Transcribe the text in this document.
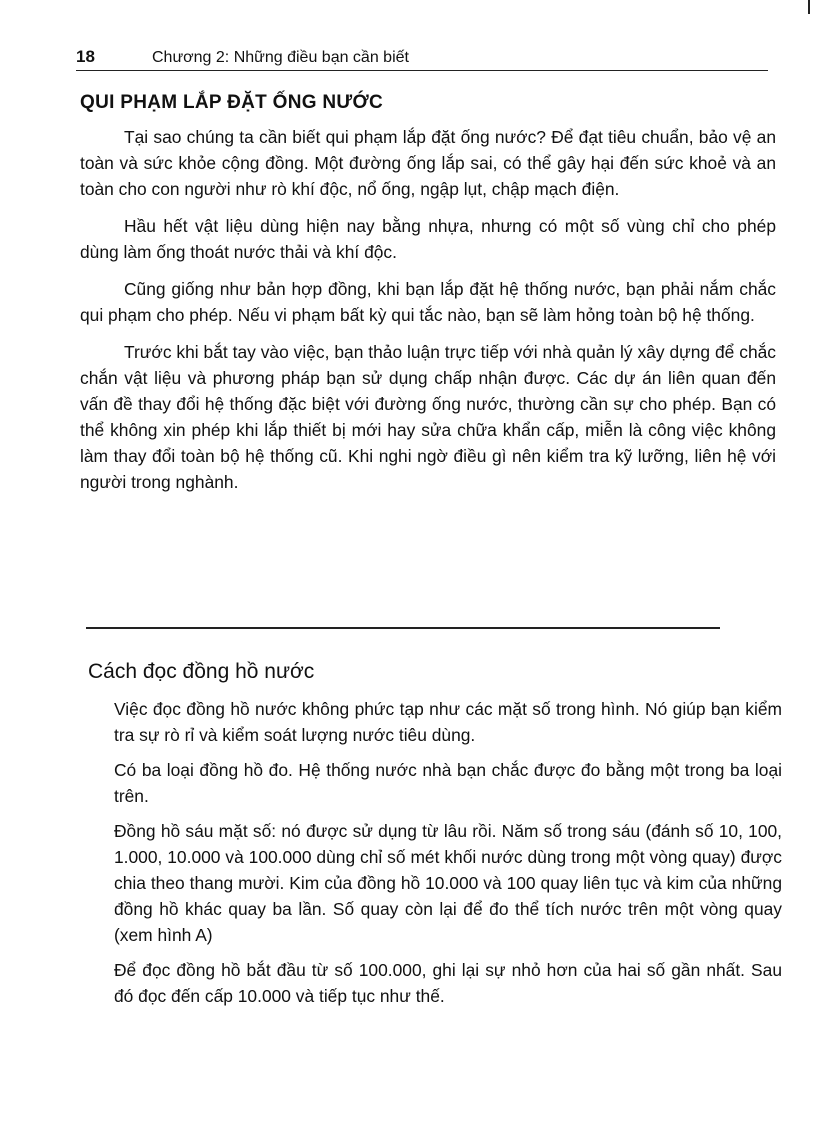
18	Chương 2: Những điều bạn cần biết
QUI PHẠM LẮP ĐẶT ỐNG NƯỚC

Tại sao chúng ta cần biết qui phạm lắp đặt ống nước? Để đạt tiêu chuẩn, bảo vệ an toàn và sức khỏe cộng đồng. Một đường ống lắp sai, có thể gây hại đến sức khoẻ và an toàn cho con người như rò khí độc, nổ ống, ngập lụt, chập mạch điện.

Hầu hết vật liệu dùng hiện nay bằng nhựa, nhưng có một số vùng chỉ cho phép dùng làm ống thoát nước thải và khí độc.

Cũng giống như bản hợp đồng, khi bạn lắp đặt hệ thống nước, bạn phải nắm chắc qui phạm cho phép. Nếu vi phạm bất kỳ qui tắc nào, bạn sẽ làm hỏng toàn bộ hệ thống.

Trước khi bắt tay vào việc, bạn thảo luận trực tiếp với nhà quản lý xây dựng để chắc chắn vật liệu và phương pháp bạn sử dụng chấp nhận được. Các dự án liên quan đến vấn đề thay đổi hệ thống đặc biệt với đường ống nước, thường cần sự cho phép. Bạn có thể không xin phép khi lắp thiết bị mới hay sửa chữa khẩn cấp, miễn là công việc không làm thay đổi toàn bộ hệ thống cũ. Khi nghi ngờ điều gì nên kiểm tra kỹ lưỡng, liên hệ với người trong nghành.

Cách đọc đồng hồ nước

Việc đọc đồng hồ nước không phức tạp như các mặt số trong hình. Nó giúp bạn kiểm tra sự rò rỉ và kiểm soát lượng nước tiêu dùng.

Có ba loại đồng hồ đo. Hệ thống nước nhà bạn chắc được đo bằng một trong ba loại trên.

Đồng hồ sáu mặt số: nó được sử dụng từ lâu rồi. Năm số trong sáu (đánh số 10, 100, 1.000, 10.000 và 100.000 dùng chỉ số mét khối nước dùng trong một vòng quay) được chia theo thang mười. Kim của đồng hồ 10.000 và 100 quay liên tục và kim của những đồng hồ khác quay ba lần. Số quay còn lại để đo thể tích nước trên một vòng quay (xem hình A)

Để đọc đồng hồ bắt đầu từ số 100.000, ghi lại sự nhỏ hơn của hai số gần nhất. Sau đó đọc đến cấp 10.000 và tiếp tục như thế.
